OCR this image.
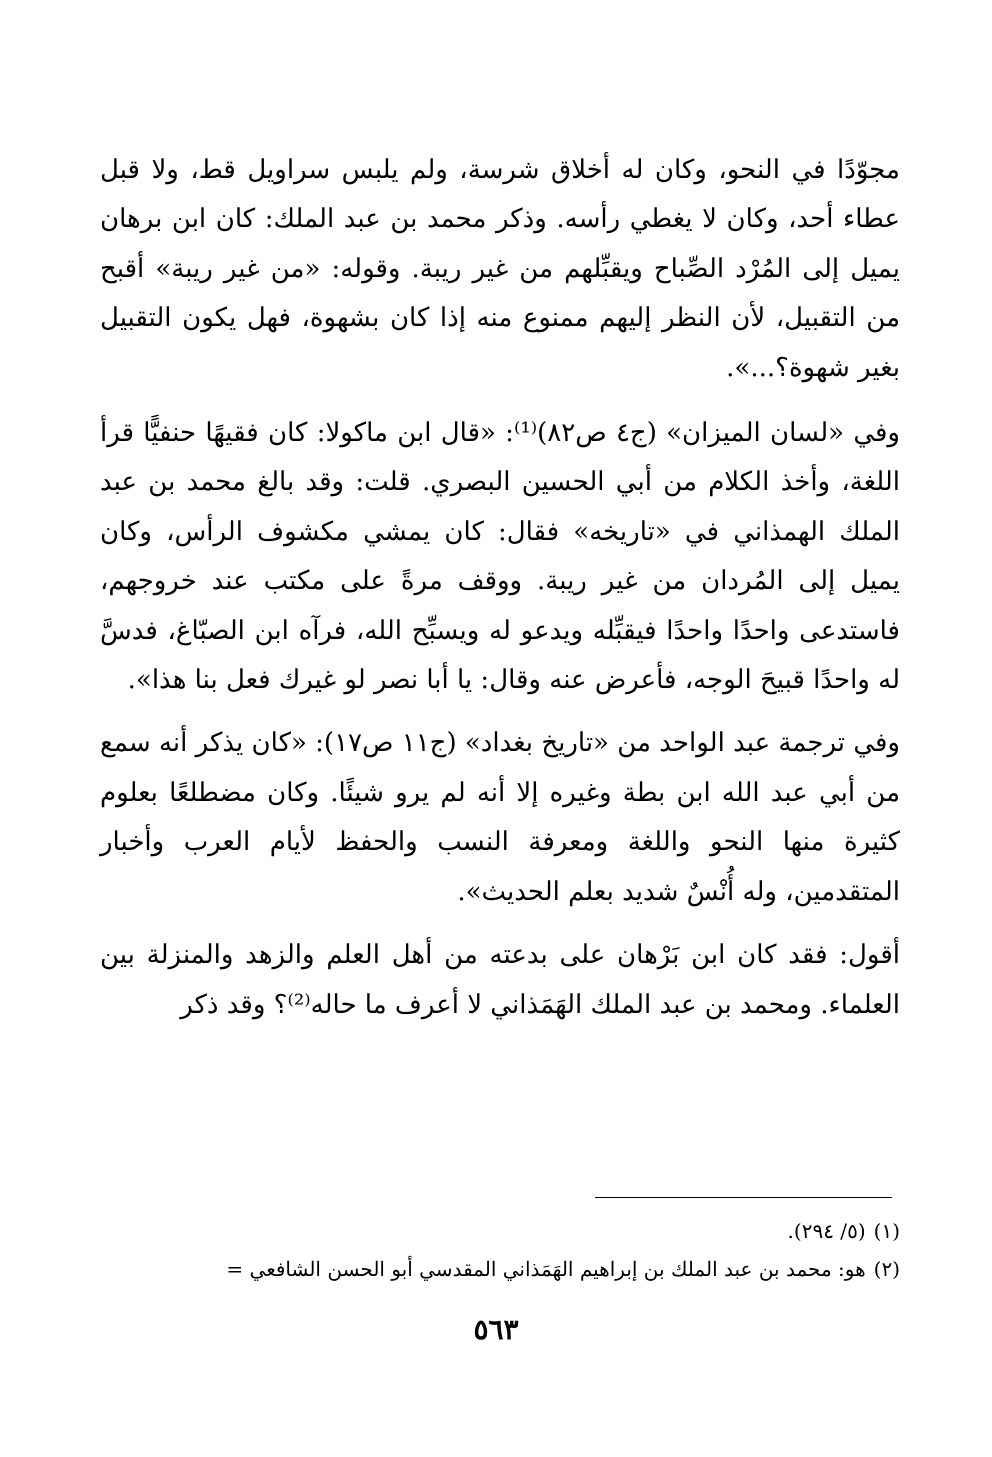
مجوّدًا في النحو، وكان له أخلاق شرسة، ولم يلبس سراويل قط، ولا قبل عطاء أحد، وكان لا يغطي رأسه. وذكر محمد بن عبد الملك: كان ابن برهان يميل إلى المُرْد الصِّباح ويقبِّلهم من غير ريبة. وقوله: «من غير ريبة» أقبح من التقبيل، لأن النظر إليهم ممنوع منه إذا كان بشهوة، فهل يكون التقبيل بغير شهوة؟...».

وفي «لسان الميزان» (ج٤ ص٨٢)⁽¹⁾: «قال ابن ماكولا: كان فقيهًا حنفيًّا قرأ اللغة، وأخذ الكلام من أبي الحسين البصري. قلت: وقد بالغ محمد بن عبد الملك الهمذاني في «تاريخه» فقال: كان يمشي مكشوف الرأس، وكان يميل إلى المُردان من غير ريبة. ووقف مرةً على مكتب عند خروجهم، فاستدعى واحدًا واحدًا فيقبِّله ويدعو له ويسبِّح الله، فرآه ابن الصبّاغ، فدسَّ له واحدًا قبيحَ الوجه، فأعرض عنه وقال: يا أبا نصر لو غيرك فعل بنا هذا».

وفي ترجمة عبد الواحد من «تاريخ بغداد» (ج١١ ص١٧): «كان يذكر أنه سمع من أبي عبد الله ابن بطة وغيره إلا أنه لم يرو شيئًا. وكان مضطلعًا بعلوم كثيرة منها النحو واللغة ومعرفة النسب والحفظ لأيام العرب وأخبار المتقدمين، وله أُنْسٌ شديد بعلم الحديث».

أقول: فقد كان ابن بَرْهان على بدعته من أهل العلم والزهد والمنزلة بين العلماء. ومحمد بن عبد الملك الهَمَذاني لا أعرف ما حاله⁽²⁾؟ وقد ذكر

(١)(٥/ ٢٩٤).

(٢)هو: محمد بن عبد الملك بن إبراهيم الهَمَذاني المقدسي أبو الحسن الشافعي =

٥٦٣
